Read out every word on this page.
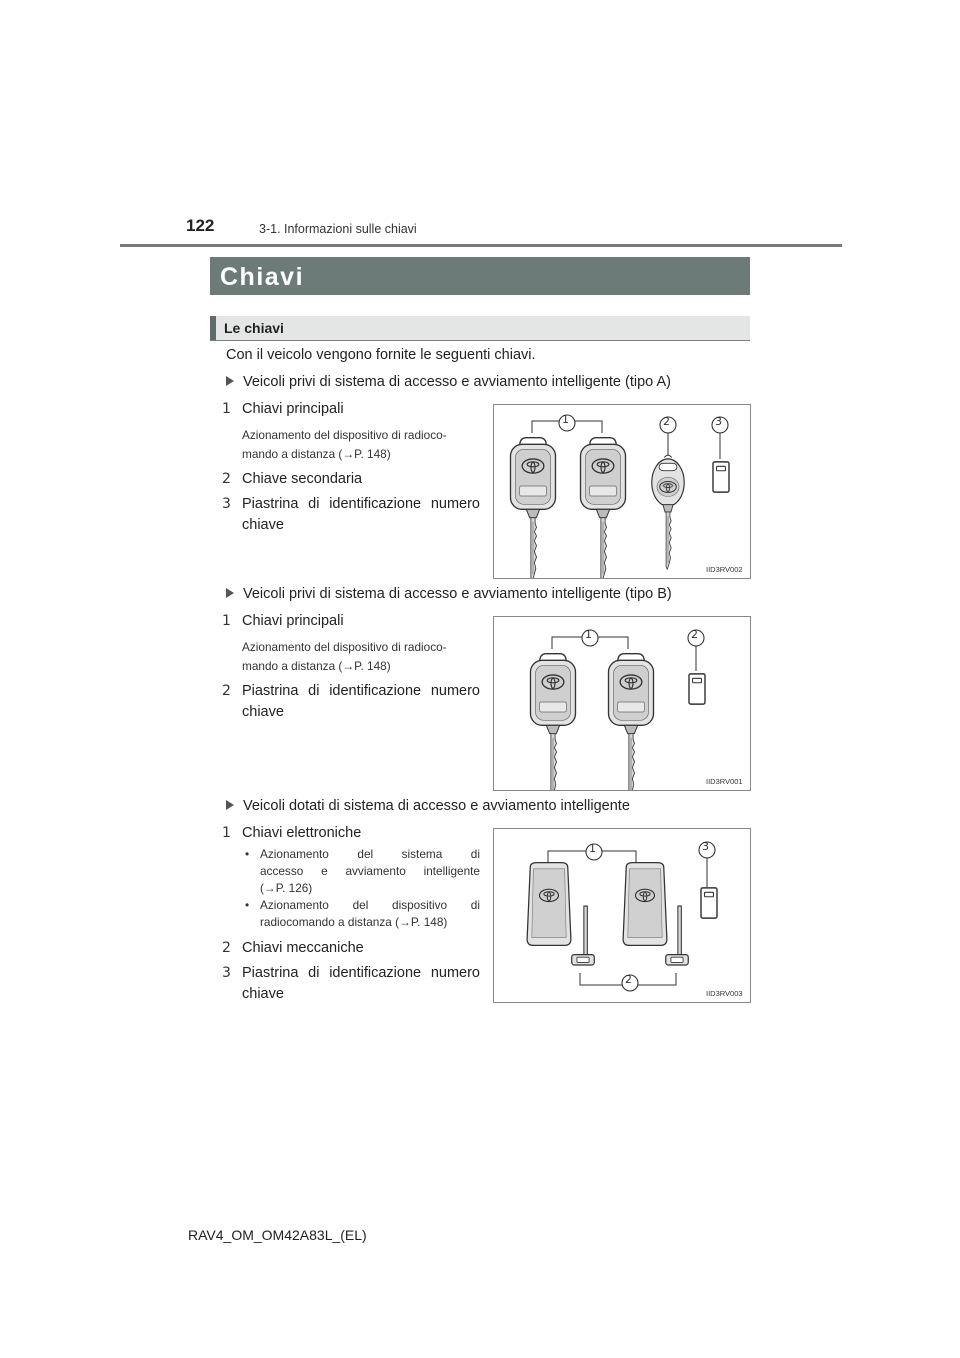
122	3-1. Informazioni sulle chiavi
Chiavi
Le chiavi
Con il veicolo vengono fornite le seguenti chiavi.
Veicoli privi di sistema di accesso e avviamento intelligente (tipo A)
1 Chiavi principali
Azionamento del dispositivo di radioco-
mando a distanza (→P. 148)
2 Chiave secondaria
3 Piastrina di identificazione numero
chiave
1	2	3
IID3RV002
Veicoli privi di sistema di accesso e avviamento intelligente (tipo B)
1 Chiavi principali
Azionamento del dispositivo di radioco-
mando a distanza (→P. 148)
2 Piastrina di identificazione numero
chiave
1	2
IID3RV001
Veicoli dotati di sistema di accesso e avviamento intelligente
1 Chiavi elettroniche
• Azionamento del sistema di
accesso e avviamento intelligente
(→P. 126)
• Azionamento del dispositivo di
radiocomando a distanza (→P. 148)
2 Chiavi meccaniche
3 Piastrina di identificazione numero
chiave
1
2
3
IID3RV003
RAV4_OM_OM42A83L_(EL)
